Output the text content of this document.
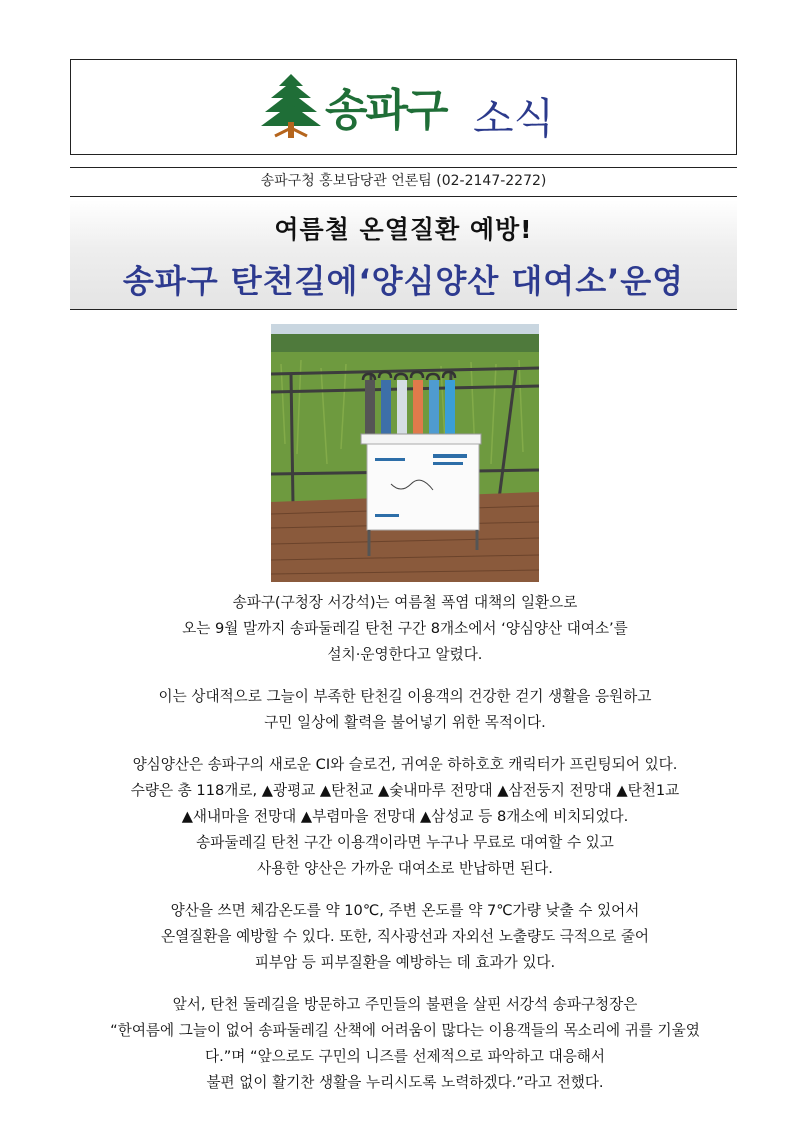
송파구 소식
송파구청 홍보담당관 언론팀 (02-2147-2272)
여름철 온열질환 예방!
송파구 탄천길에‘양심양산 대여소’운영

송파구(구청장 서강석)는 여름철 폭염 대책의 일환으로
오는 9월 말까지 송파둘레길 탄천 구간 8개소에서 ‘양심양산 대여소’를
설치·운영한다고 알렸다.

이는 상대적으로 그늘이 부족한 탄천길 이용객의 건강한 걷기 생활을 응원하고
구민 일상에 활력을 불어넣기 위한 목적이다.

양심양산은 송파구의 새로운 CI와 슬로건, 귀여운 하하호호 캐릭터가 프린팅되어 있다.
수량은 총 118개로, ▲광평교 ▲탄천교 ▲숯내마루 전망대 ▲삼전둥지 전망대 ▲탄천1교
▲새내마을 전망대 ▲부렴마을 전망대 ▲삼성교 등 8개소에 비치되었다.
송파둘레길 탄천 구간 이용객이라면 누구나 무료로 대여할 수 있고
사용한 양산은 가까운 대여소로 반납하면 된다.

양산을 쓰면 체감온도를 약 10℃, 주변 온도를 약 7℃가량 낮출 수 있어서
온열질환을 예방할 수 있다. 또한, 직사광선과 자외선 노출량도 극적으로 줄어
피부암 등 피부질환을 예방하는 데 효과가 있다.

앞서, 탄천 둘레길을 방문하고 주민들의 불편을 살핀 서강석 송파구청장은
“한여름에 그늘이 없어 송파둘레길 산책에 어려움이 많다는 이용객들의 목소리에 귀를 기울였
다.”며 “앞으로도 구민의 니즈를 선제적으로 파악하고 대응해서
불편 없이 활기찬 생활을 누리시도록 노력하겠다.”라고 전했다.
